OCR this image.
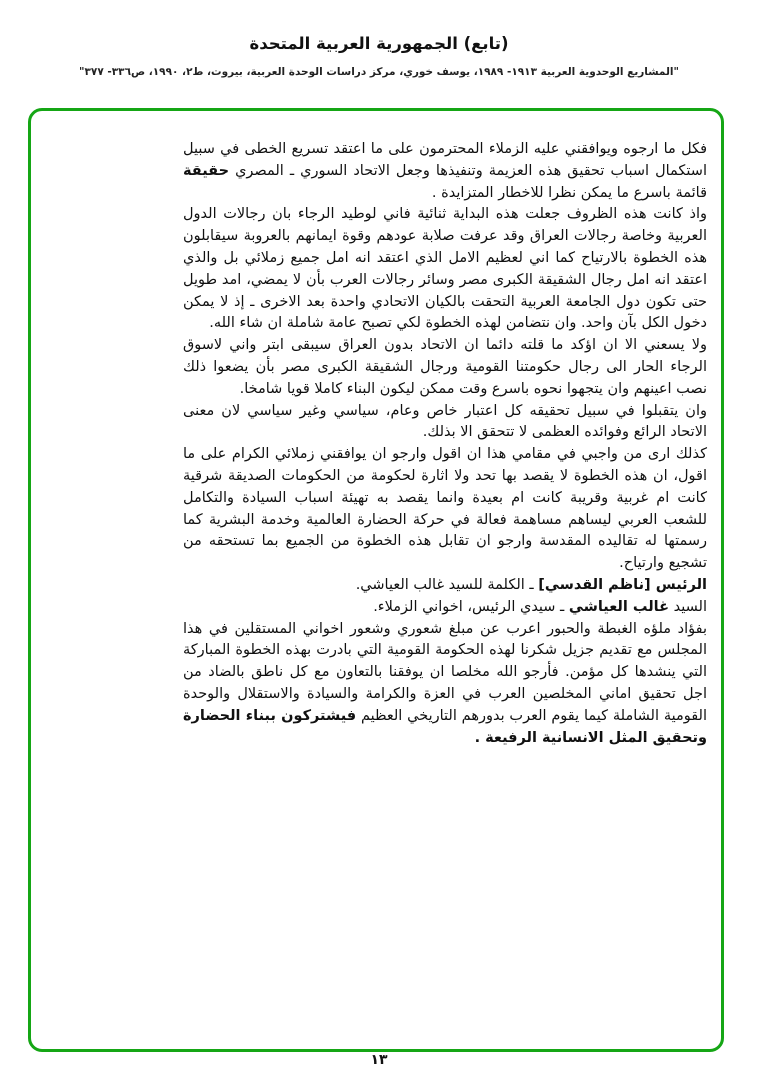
(تابع) الجمهورية العربية المتحدة
"المشاريع الوحدوية العربية ١٩١٣- ١٩٨٩، يوسف خوري، مركز دراسات الوحدة العربية، بيروت، ط٢، ١٩٩٠، ص٣٣٦- ٣٧٧"

فكل ما ارجوه ويوافقني عليه الزملاء المحترمون على ما اعتقد تسريع الخطى في سبيل استكمال اسباب تحقيق هذه العزيمة وتنفيذها وجعل الاتحاد السوري ـ المصري حقيقة قائمة باسرع ما يمكن نظرا للاخطار المتزايدة .

واذ كانت هذه الظروف جعلت هذه البداية ثنائية فاني لوطيد الرجاء بان رجالات الدول العربية وخاصة رجالات العراق وقد عرفت صلابة عودهم وقوة ايمانهم بالعروبة سيقابلون هذه الخطوة بالارتياح كما اني لعظيم الامل الذي اعتقد انه امل جميع زملائي بل والذي اعتقد انه امل رجال الشقيقة الكبرى مصر وسائر رجالات العرب بأن لا يمضي، امد طويل حتى تكون دول الجامعة العربية التحقت بالكيان الاتحادي واحدة بعد الاخرى ـ إذ لا يمكن دخول الكل بآن واحد. وان نتضامن لهذه الخطوة لكي تصبح عامة شاملة ان شاء الله.

ولا يسعني الا ان اؤكد ما قلته دائما ان الاتحاد بدون العراق سيبقى ابتر واني لاسوق الرجاء الحار الى رجال حكومتنا القومية ورجال الشقيقة الكبرى مصر بأن يضعوا ذلك نصب اعينهم وان يتجهوا نحوه باسرع وقت ممكن ليكون البناء كاملا قويا شامخا.

وان يتقبلوا في سبيل تحقيقه كل اعتبار خاص وعام، سياسي وغير سياسي لان معنى الاتحاد الرائع وفوائده العظمى لا تتحقق الا بذلك.

كذلك ارى من واجبي في مقامي هذا ان اقول وارجو ان يوافقني زملائي الكرام على ما اقول، ان هذه الخطوة لا يقصد بها تحد ولا اثارة لحكومة من الحكومات الصديقة شرقية كانت ام غربية وقريبة كانت ام بعيدة وانما يقصد به تهيئة اسباب السيادة والتكامل للشعب العربي ليساهم مساهمة فعالة في حركة الحضارة العالمية وخدمة البشرية كما رسمتها له تقاليده المقدسة وارجو ان تقابل هذه الخطوة من الجميع بما تستحقه من تشجيع وارتياح.

الرئيس [ناظم القدسي] ـ الكلمة للسيد غالب العياشي.

السيد غالب العياشي ـ سيدي الرئيس، اخواني الزملاء.

بفؤاد ملؤه الغبطة والحبور اعرب عن مبلغ شعوري وشعور اخواني المستقلين في هذا المجلس مع تقديم جزيل شكرنا لهذه الحكومة القومية التي بادرت بهذه الخطوة المباركة التي ينشدها كل مؤمن. فأرجو الله مخلصا ان يوفقنا بالتعاون مع كل ناطق بالضاد من اجل تحقيق اماني المخلصين العرب في العزة والكرامة والسيادة والاستقلال والوحدة القومية الشاملة كيما يقوم العرب بدورهم التاريخي العظيم فيشتركون ببناء الحضارة وتحقيق المثل الانسانية الرفيعة .

١٣
